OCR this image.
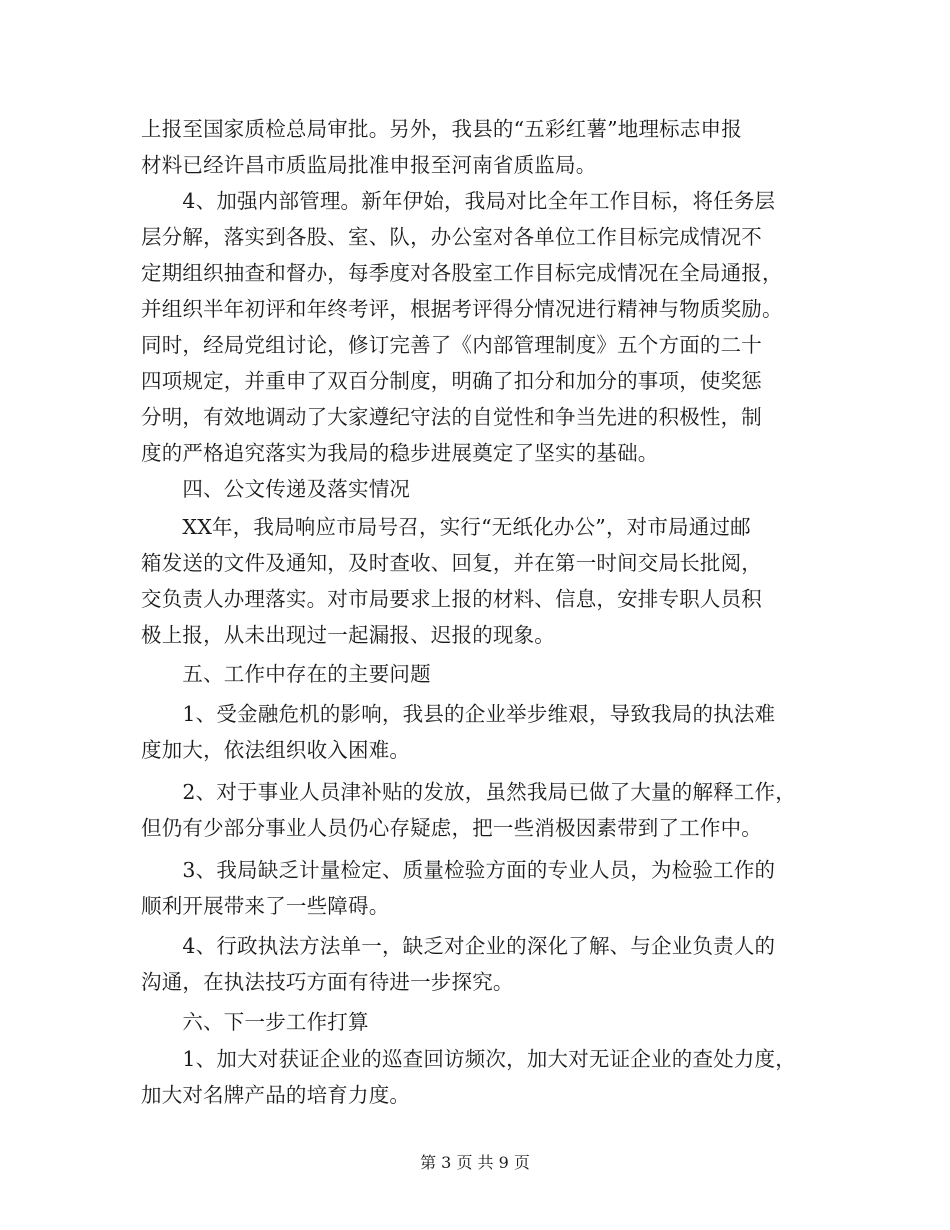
上报至国家质检总局审批。另外，我县的“五彩红薯”地理标志申报
材料已经许昌市质监局批准申报至河南省质监局。
　　4、加强内部管理。新年伊始，我局对比全年工作目标，将任务层
层分解，落实到各股、室、队，办公室对各单位工作目标完成情况不
定期组织抽查和督办，每季度对各股室工作目标完成情况在全局通报，
并组织半年初评和年终考评，根据考评得分情况进行精神与物质奖励。
同时，经局党组讨论，修订完善了《内部管理制度》五个方面的二十
四项规定，并重申了双百分制度，明确了扣分和加分的事项，使奖惩
分明，有效地调动了大家遵纪守法的自觉性和争当先进的积极性，制
度的严格追究落实为我局的稳步进展奠定了坚实的基础。
　　四、公文传递及落实情况
　　XX年，我局响应市局号召，实行“无纸化办公”，对市局通过邮
箱发送的文件及通知，及时查收、回复，并在第一时间交局长批阅，
交负责人办理落实。对市局要求上报的材料、信息，安排专职人员积
极上报，从未出现过一起漏报、迟报的现象。
　　五、工作中存在的主要问题
　　1、受金融危机的影响，我县的企业举步维艰，导致我局的执法难
度加大，依法组织收入困难。
　　2、对于事业人员津补贴的发放，虽然我局已做了大量的解释工作，
但仍有少部分事业人员仍心存疑虑，把一些消极因素带到了工作中。
　　3、我局缺乏计量检定、质量检验方面的专业人员，为检验工作的
顺利开展带来了一些障碍。
　　4、行政执法方法单一，缺乏对企业的深化了解、与企业负责人的
沟通，在执法技巧方面有待进一步探究。
　　六、下一步工作打算
　　1、加大对获证企业的巡查回访频次，加大对无证企业的查处力度，
加大对名牌产品的培育力度。
第 3 页 共 9 页
